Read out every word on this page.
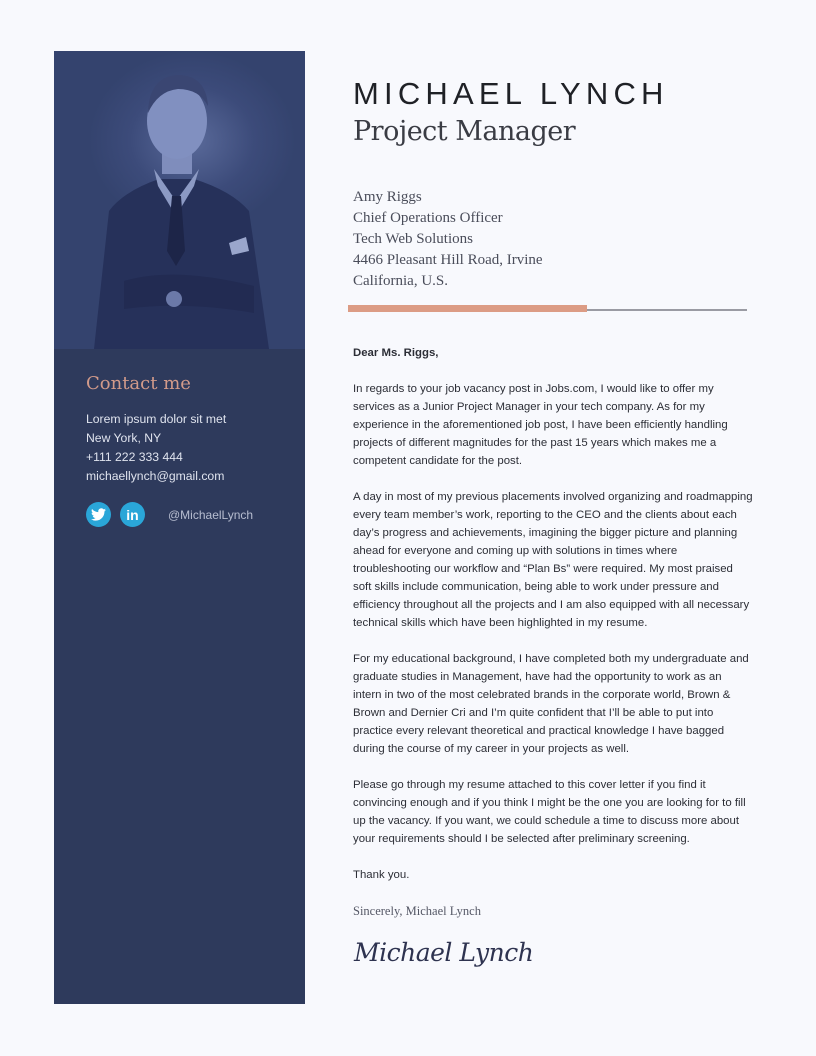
Contact me
Lorem ipsum dolor sit met
New York, NY
+111 222 333 444
michaellynch@gmail.com
in @MichaelLynch
MICHAEL LYNCH
Project Manager
Amy Riggs
Chief Operations Officer
Tech Web Solutions
4466 Pleasant Hill Road, Irvine
California, U.S.

Dear Ms. Riggs,

In regards to your job vacancy post in Jobs.com, I would like to offer my services as a Junior Project Manager in your tech company. As for my experience in the aforementioned job post, I have been efficiently handling projects of different magnitudes for the past 15 years which makes me a competent candidate for the post.

A day in most of my previous placements involved organizing and roadmapping every team member’s work, reporting to the CEO and the clients about each day’s progress and achievements, imagining the bigger picture and planning ahead for everyone and coming up with solutions in times where troubleshooting our workflow and “Plan Bs” were required. My most praised soft skills include communication, being able to work under pressure and efficiency throughout all the projects and I am also equipped with all necessary technical skills which have been highlighted in my resume.

For my educational background, I have completed both my undergraduate and graduate studies in Management, have had the opportunity to work as an intern in two of the most celebrated brands in the corporate world, Brown & Brown and Dernier Cri and I’m quite confident that I’ll be able to put into practice every relevant theoretical and practical knowledge I have bagged during the course of my career in your projects as well.

Please go through my resume attached to this cover letter if you find it convincing enough and if you think I might be the one you are looking for to fill up the vacancy. If you want, we could schedule a time to discuss more about your requirements should I be selected after preliminary screening.

Thank you.

Sincerely, Michael Lynch

Michael Lynch
